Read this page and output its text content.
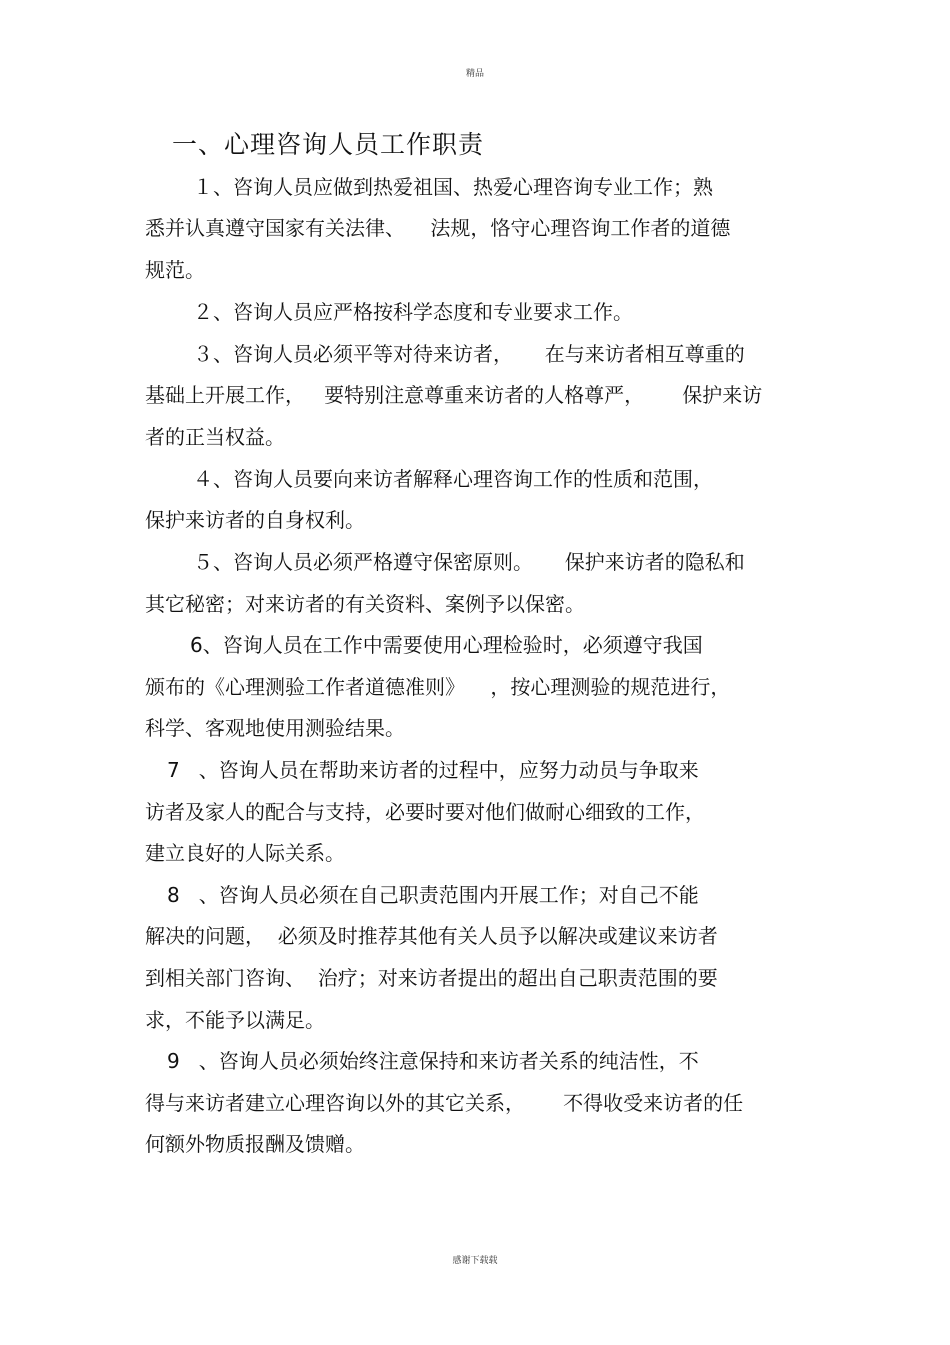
精品
一、心理咨询人员工作职责
１、咨询人员应做到热爱祖国、热爱心理咨询专业工作；熟
悉并认真遵守国家有关法律、    法规，恪守心理咨询工作者的道德
规范。
２、咨询人员应严格按科学态度和专业要求工作。
３、咨询人员必须平等对待来访者，     在与来访者相互尊重的
基础上开展工作，   要特别注意尊重来访者的人格尊严，      保护来访
者的正当权益。
４、咨询人员要向来访者解释心理咨询工作的性质和范围，
保护来访者的自身权利。
５、咨询人员必须严格遵守保密原则。     保护来访者的隐私和
其它秘密；对来访者的有关资料、案例予以保密。
6、咨询人员在工作中需要使用心理检验时，必须遵守我国
颁布的《心理测验工作者道德准则》    ，按心理测验的规范进行，
科学、客观地使用测验结果。
7   、咨询人员在帮助来访者的过程中，应努力动员与争取来
访者及家人的配合与支持，必要时要对他们做耐心细致的工作，
建立良好的人际关系。
8   、咨询人员必须在自己职责范围内开展工作；对自己不能
解决的问题，  必须及时推荐其他有关人员予以解决或建议来访者
到相关部门咨询、  治疗；对来访者提出的超出自己职责范围的要
求，不能予以满足。
9   、咨询人员必须始终注意保持和来访者关系的纯洁性，不
得与来访者建立心理咨询以外的其它关系，      不得收受来访者的任
何额外物质报酬及馈赠。
感谢下载载
